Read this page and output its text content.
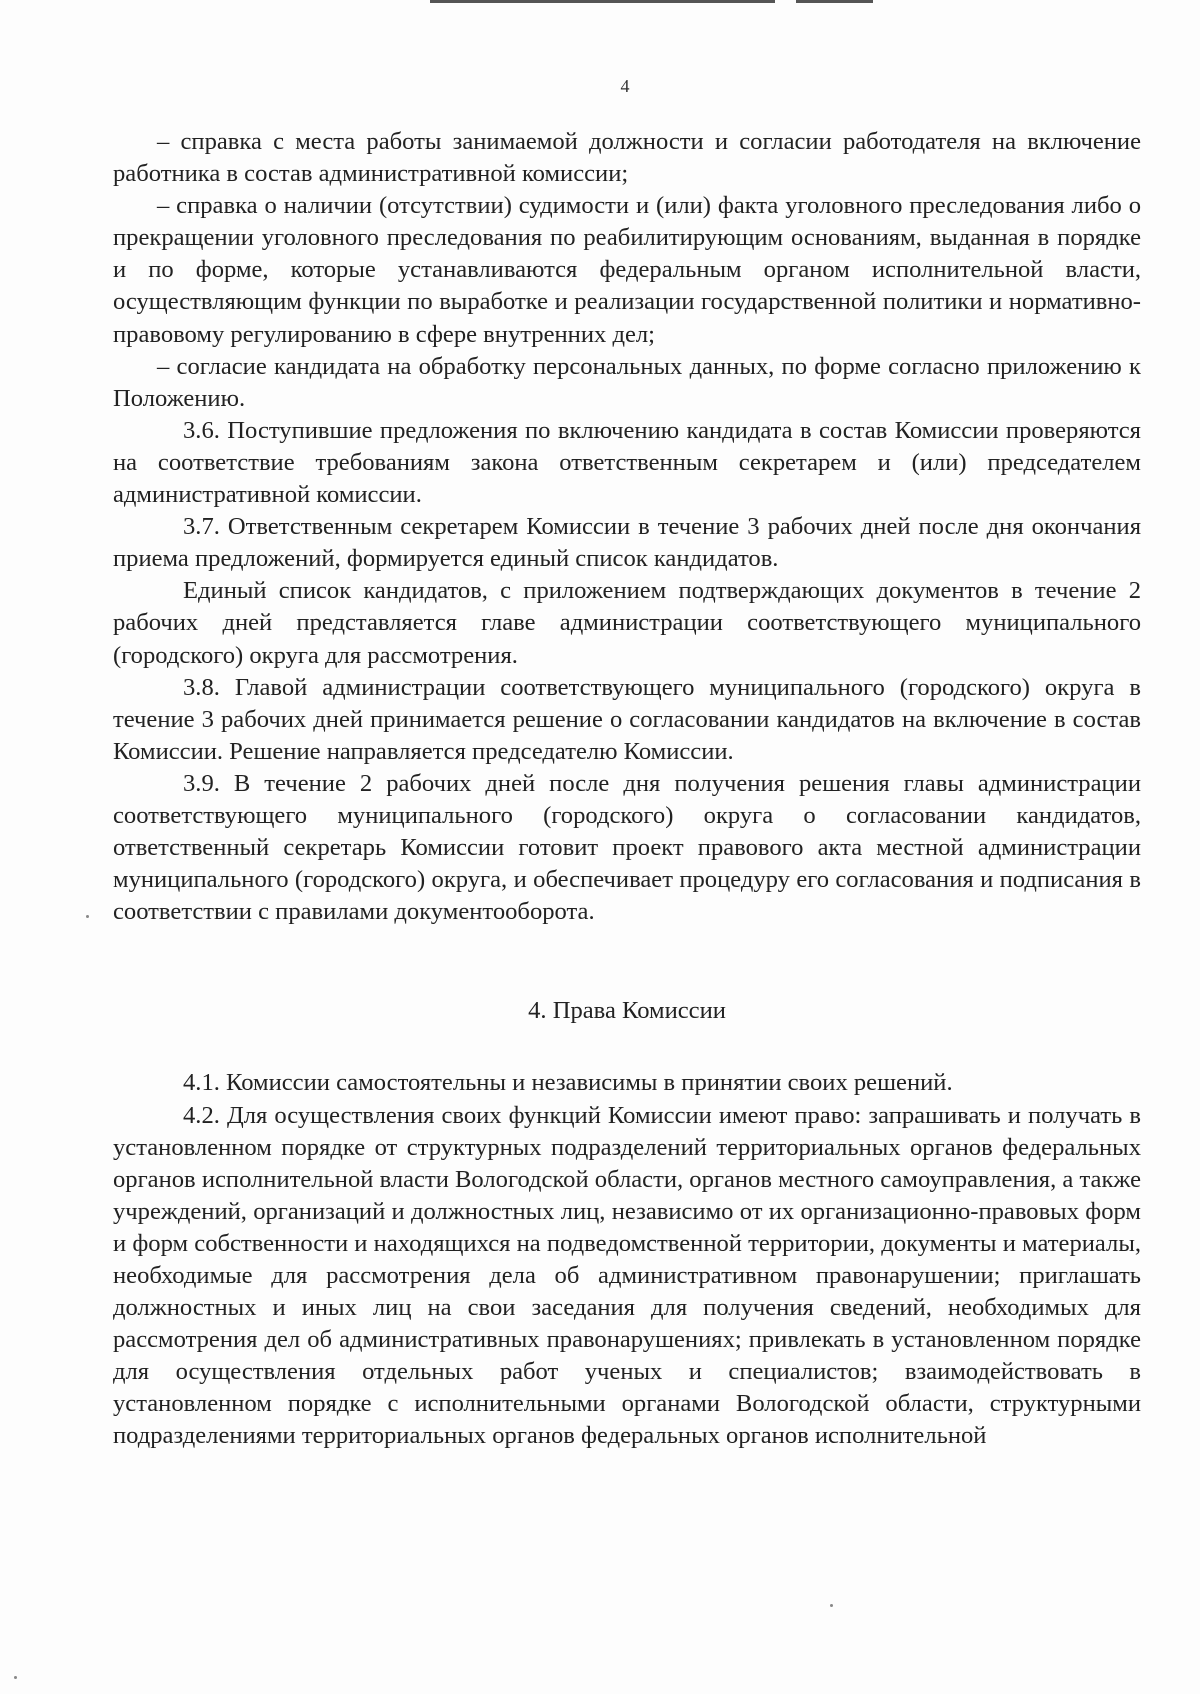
4

– справка с места работы занимаемой должности и согласии работодателя на включение работника в состав административной комиссии;

– справка о наличии (отсутствии) судимости и (или) факта уголовного преследования либо о прекращении уголовного преследования по реабилитирующим основаниям, выданная в порядке и по форме, которые устанавливаются федеральным органом исполнительной власти, осуществляющим функции по выработке и реализации государственной политики и нормативно-правовому регулированию в сфере внутренних дел;

– согласие кандидата на обработку персональных данных, по форме согласно приложению к Положению.

3.6. Поступившие предложения по включению кандидата в состав Комиссии проверяются на соответствие требованиям закона ответственным секретарем и (или) председателем административной комиссии.

3.7. Ответственным секретарем Комиссии в течение 3 рабочих дней после дня окончания приема предложений, формируется единый список кандидатов.

Единый список кандидатов, с приложением подтверждающих документов в течение 2 рабочих дней представляется главе администрации соответствующего муниципального (городского) округа для рассмотрения.

3.8. Главой администрации соответствующего муниципального (городского) округа в течение 3 рабочих дней принимается решение о согласовании кандидатов на включение в состав Комиссии. Решение направляется председателю Комиссии.

3.9. В течение 2 рабочих дней после дня получения решения главы администрации соответствующего муниципального (городского) округа о согласовании кандидатов, ответственный секретарь Комиссии готовит проект правового акта местной администрации муниципального (городского) округа, и обеспечивает процедуру его согласования и подписания в соответствии с правилами документооборота.

4. Права Комиссии

4.1. Комиссии самостоятельны и независимы в принятии своих решений.

4.2. Для осуществления своих функций Комиссии имеют право: запрашивать и получать в установленном порядке от структурных подразделений территориальных органов федеральных органов исполнительной власти Вологодской области, органов местного самоуправления, а также учреждений, организаций и должностных лиц, независимо от их организационно-правовых форм и форм собственности и находящихся на подведомственной территории, документы и материалы, необходимые для рассмотрения дела об административном правонарушении; приглашать должностных и иных лиц на свои заседания для получения сведений, необходимых для рассмотрения дел об административных правонарушениях; привлекать в установленном порядке для осуществления отдельных работ ученых и специалистов; взаимодействовать в установленном порядке с исполнительными органами Вологодской области, структурными подразделениями территориальных органов федеральных органов исполнительной
